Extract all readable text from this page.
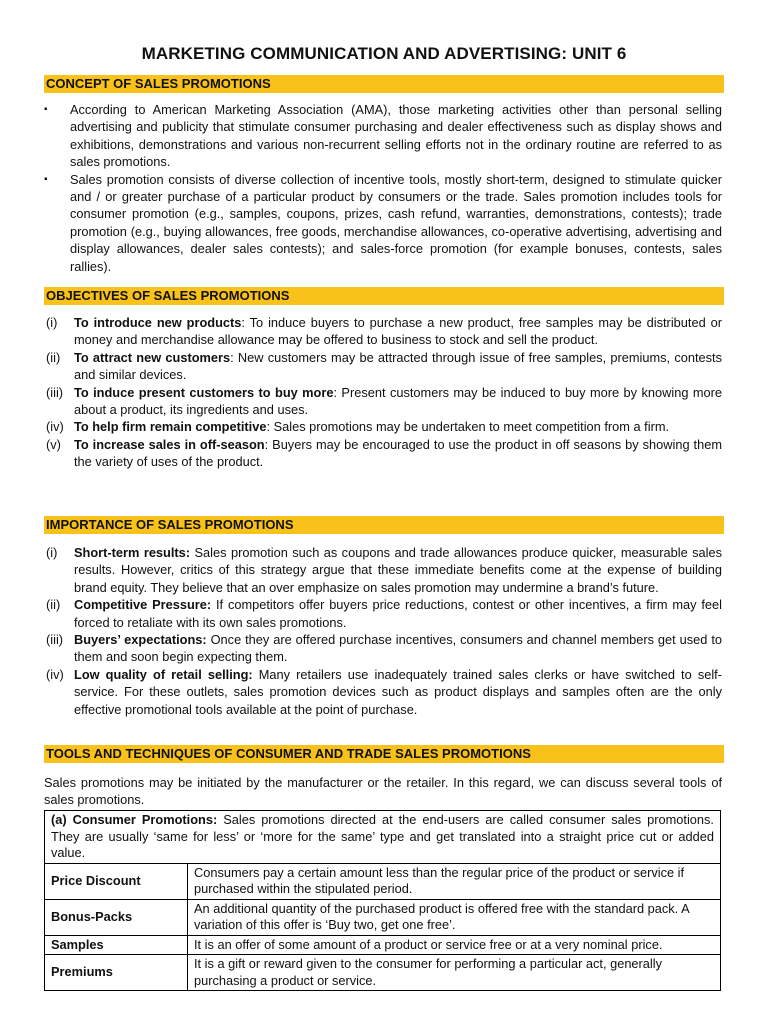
MARKETING COMMUNICATION AND ADVERTISING: UNIT 6
CONCEPT OF SALES PROMOTIONS
▪ According to American Marketing Association (AMA), those marketing activities other than personal selling advertising and publicity that stimulate consumer purchasing and dealer effectiveness such as display shows and exhibitions, demonstrations and various non-recurrent selling efforts not in the ordinary routine are referred to as sales promotions.
▪ Sales promotion consists of diverse collection of incentive tools, mostly short-term, designed to stimulate quicker and / or greater purchase of a particular product by consumers or the trade. Sales promotion includes tools for consumer promotion (e.g., samples, coupons, prizes, cash refund, warranties, demonstrations, contests); trade promotion (e.g., buying allowances, free goods, merchandise allowances, co-operative advertising, advertising and display allowances, dealer sales contests); and sales-force promotion (for example bonuses, contests, sales rallies).
OBJECTIVES OF SALES PROMOTIONS
(i) To introduce new products: To induce buyers to purchase a new product, free samples may be distributed or money and merchandise allowance may be offered to business to stock and sell the product.
(ii) To attract new customers: New customers may be attracted through issue of free samples, premiums, contests and similar devices.
(iii) To induce present customers to buy more: Present customers may be induced to buy more by knowing more about a product, its ingredients and uses.
(iv) To help firm remain competitive: Sales promotions may be undertaken to meet competition from a firm.
(v) To increase sales in off-season: Buyers may be encouraged to use the product in off seasons by showing them the variety of uses of the product.
IMPORTANCE OF SALES PROMOTIONS
(i) Short-term results: Sales promotion such as coupons and trade allowances produce quicker, measurable sales results. However, critics of this strategy argue that these immediate benefits come at the expense of building brand equity. They believe that an over emphasize on sales promotion may undermine a brand’s future.
(ii) Competitive Pressure: If competitors offer buyers price reductions, contest or other incentives, a firm may feel forced to retaliate with its own sales promotions.
(iii) Buyers’ expectations: Once they are offered purchase incentives, consumers and channel members get used to them and soon begin expecting them.
(iv) Low quality of retail selling: Many retailers use inadequately trained sales clerks or have switched to self-service. For these outlets, sales promotion devices such as product displays and samples often are the only effective promotional tools available at the point of purchase.
TOOLS AND TECHNIQUES OF CONSUMER AND TRADE SALES PROMOTIONS
Sales promotions may be initiated by the manufacturer or the retailer. In this regard, we can discuss several tools of sales promotions.
(a) Consumer Promotions: Sales promotions directed at the end-users are called consumer sales promotions. They are usually ‘same for less’ or ‘more for the same’ type and get translated into a straight price cut or added value.	
Price Discount	Consumers pay a certain amount less than the regular price of the product or service if purchased within the stipulated period.
Bonus-Packs	An additional quantity of the purchased product is offered free with the standard pack. A variation of this offer is ‘Buy two, get one free’.
Samples	It is an offer of some amount of a product or service free or at a very nominal price.
Premiums	It is a gift or reward given to the consumer for performing a particular act, generally purchasing a product or service.
